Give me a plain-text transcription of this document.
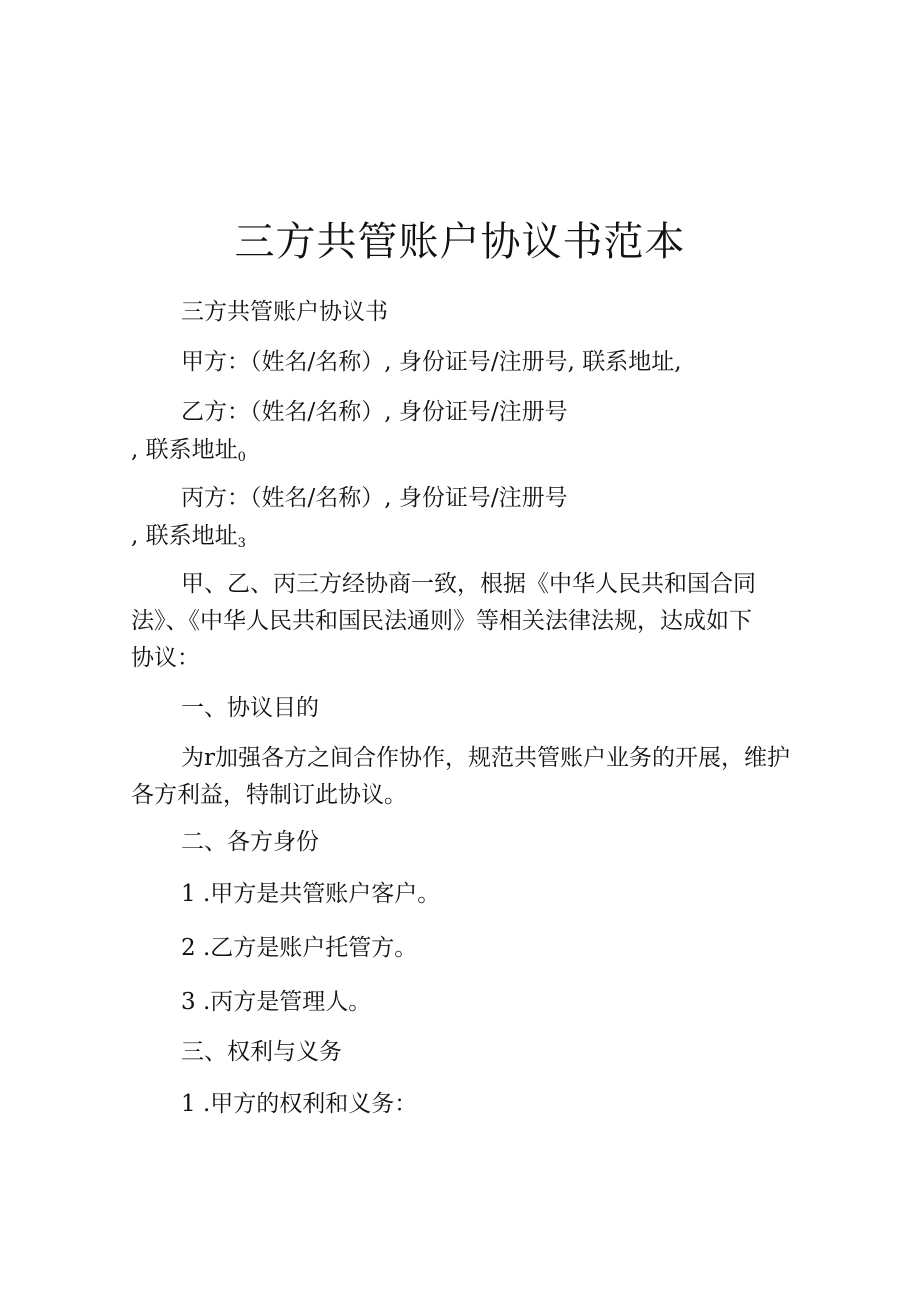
三方共管账户协议书范本
三方共管账户协议书
甲方：（姓名/名称）, 身份证号/注册号, 联系地址,
乙方：（姓名/名称）, 身份证号/注册号
, 联系地址$_0$
丙方：（姓名/名称）, 身份证号/注册号
, 联系地址$_3$
甲、乙、丙三方经协商一致，根据《中华人民共和国合同
法》、《中华人民共和国民法通则》等相关法律法规，达成如下
协议：
一、协议目的
为r加强各方之间合作协作，规范共管账户业务的开展，维护
各方利益，特制订此协议。
二、各方身份
1 .甲方是共管账户客户。
2 .乙方是账户托管方。
3 .丙方是管理人。
三、权利与义务
1 .甲方的权利和义务：
